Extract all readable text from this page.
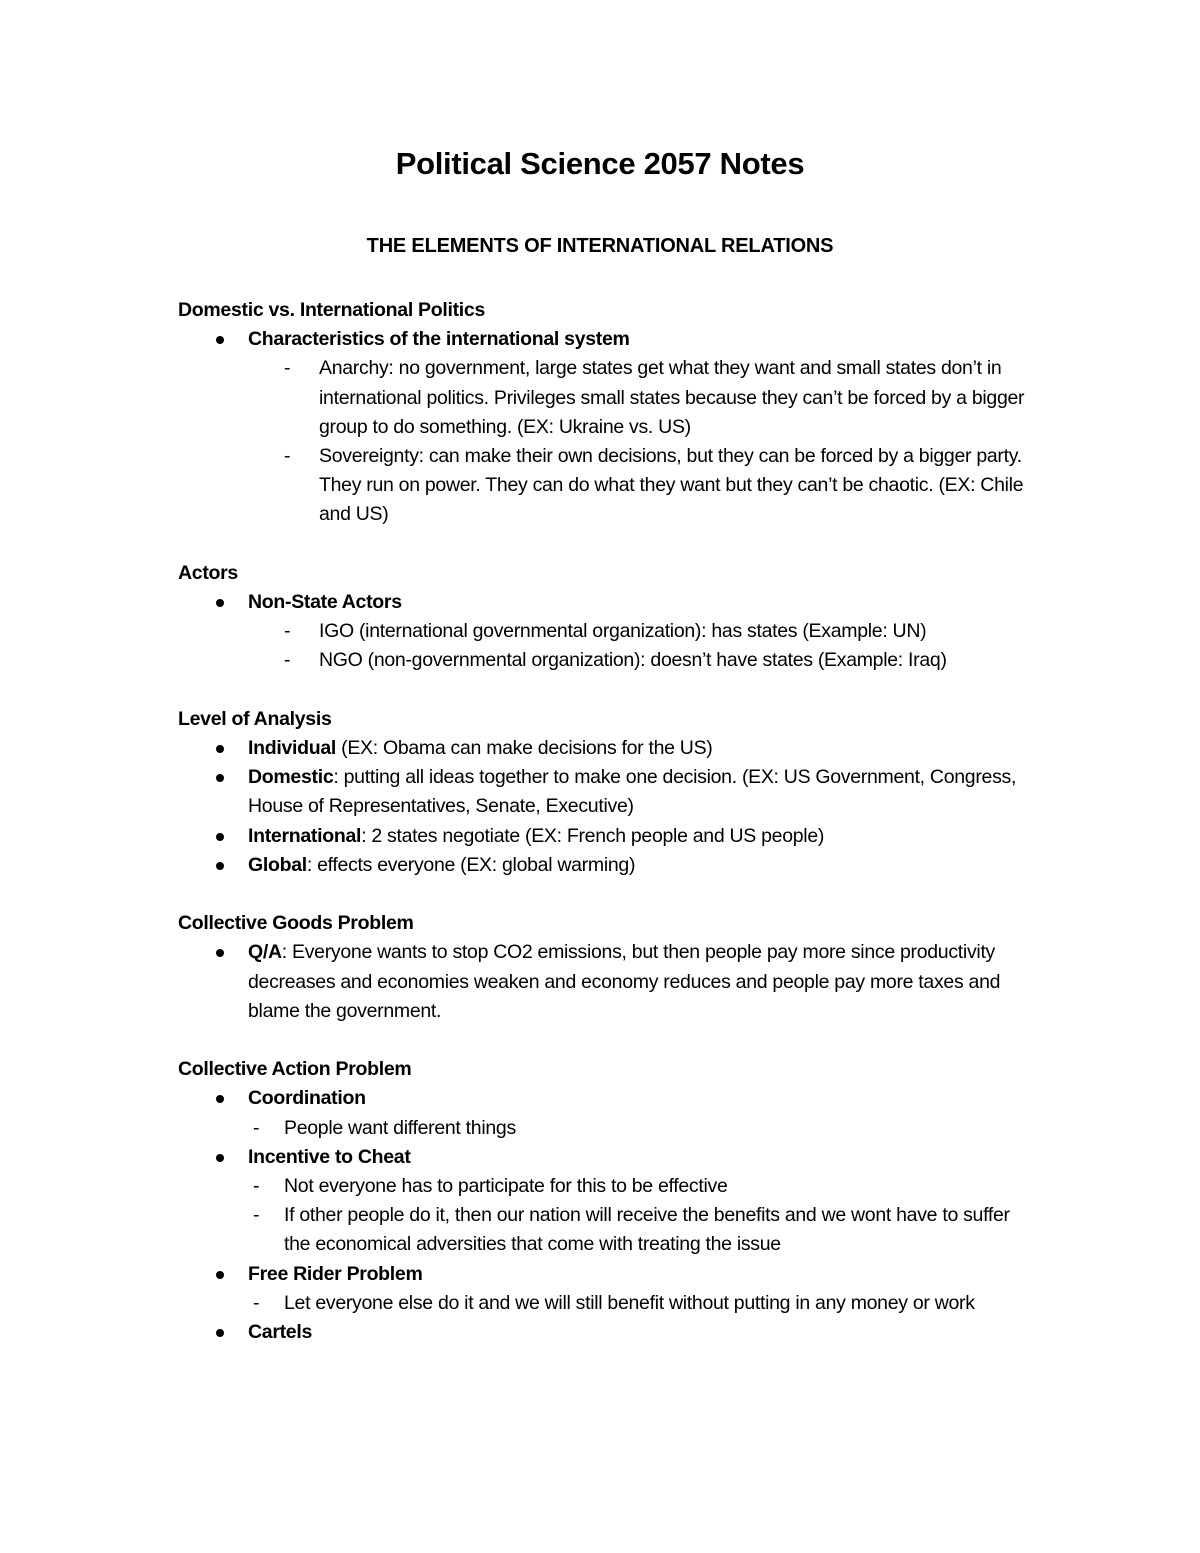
Political Science 2057 Notes
THE ELEMENTS OF INTERNATIONAL RELATIONS
Domestic vs. International Politics
Characteristics of the international system
- Anarchy: no government, large states get what they want and small states don’t in international politics. Privileges small states because they can’t be forced by a bigger group to do something. (EX: Ukraine vs. US)
- Sovereignty: can make their own decisions, but they can be forced by a bigger party. They run on power. They can do what they want but they can’t be chaotic. (EX: Chile and US)
Actors
Non-State Actors
- IGO (international governmental organization): has states (Example: UN)
- NGO (non-governmental organization): doesn’t have states (Example: Iraq)
Level of Analysis
Individual (EX: Obama can make decisions for the US)
Domestic: putting all ideas together to make one decision. (EX: US Government, Congress, House of Representatives, Senate, Executive)
International: 2 states negotiate (EX: French people and US people)
Global: effects everyone (EX: global warming)
Collective Goods Problem
Q/A: Everyone wants to stop CO2 emissions, but then people pay more since productivity decreases and economies weaken and economy reduces and people pay more taxes and blame the government.
Collective Action Problem
Coordination
- People want different things
Incentive to Cheat
- Not everyone has to participate for this to be effective
- If other people do it, then our nation will receive the benefits and we wont have to suffer the economical adversities that come with treating the issue
Free Rider Problem
- Let everyone else do it and we will still benefit without putting in any money or work
Cartels
